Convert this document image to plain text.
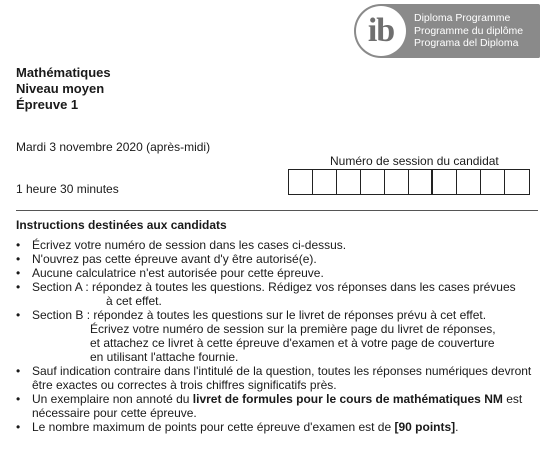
ib Diploma Programme
Programme du diplôme
Programa del Diploma
Mathématiques
Niveau moyen
Épreuve 1
Mardi 3 novembre 2020 (après-midi)
Numéro de session du candidat
1 heure 30 minutes
Instructions destinées aux candidats
• Écrivez votre numéro de session dans les cases ci-dessus.
• N'ouvrez pas cette épreuve avant d'y être autorisé(e).
• Aucune calculatrice n'est autorisée pour cette épreuve.
• Section A : répondez à toutes les questions. Rédigez vos réponses dans les cases prévues
à cet effet.
• Section B : répondez à toutes les questions sur le livret de réponses prévu à cet effet.
Écrivez votre numéro de session sur la première page du livret de réponses,
et attachez ce livret à cette épreuve d'examen et à votre page de couverture
en utilisant l'attache fournie.
• Sauf indication contraire dans l'intitulé de la question, toutes les réponses numériques devront
être exactes ou correctes à trois chiffres significatifs près.
• Un exemplaire non annoté du livret de formules pour le cours de mathématiques NM est
nécessaire pour cette épreuve.
• Le nombre maximum de points pour cette épreuve d'examen est de [90 points].
